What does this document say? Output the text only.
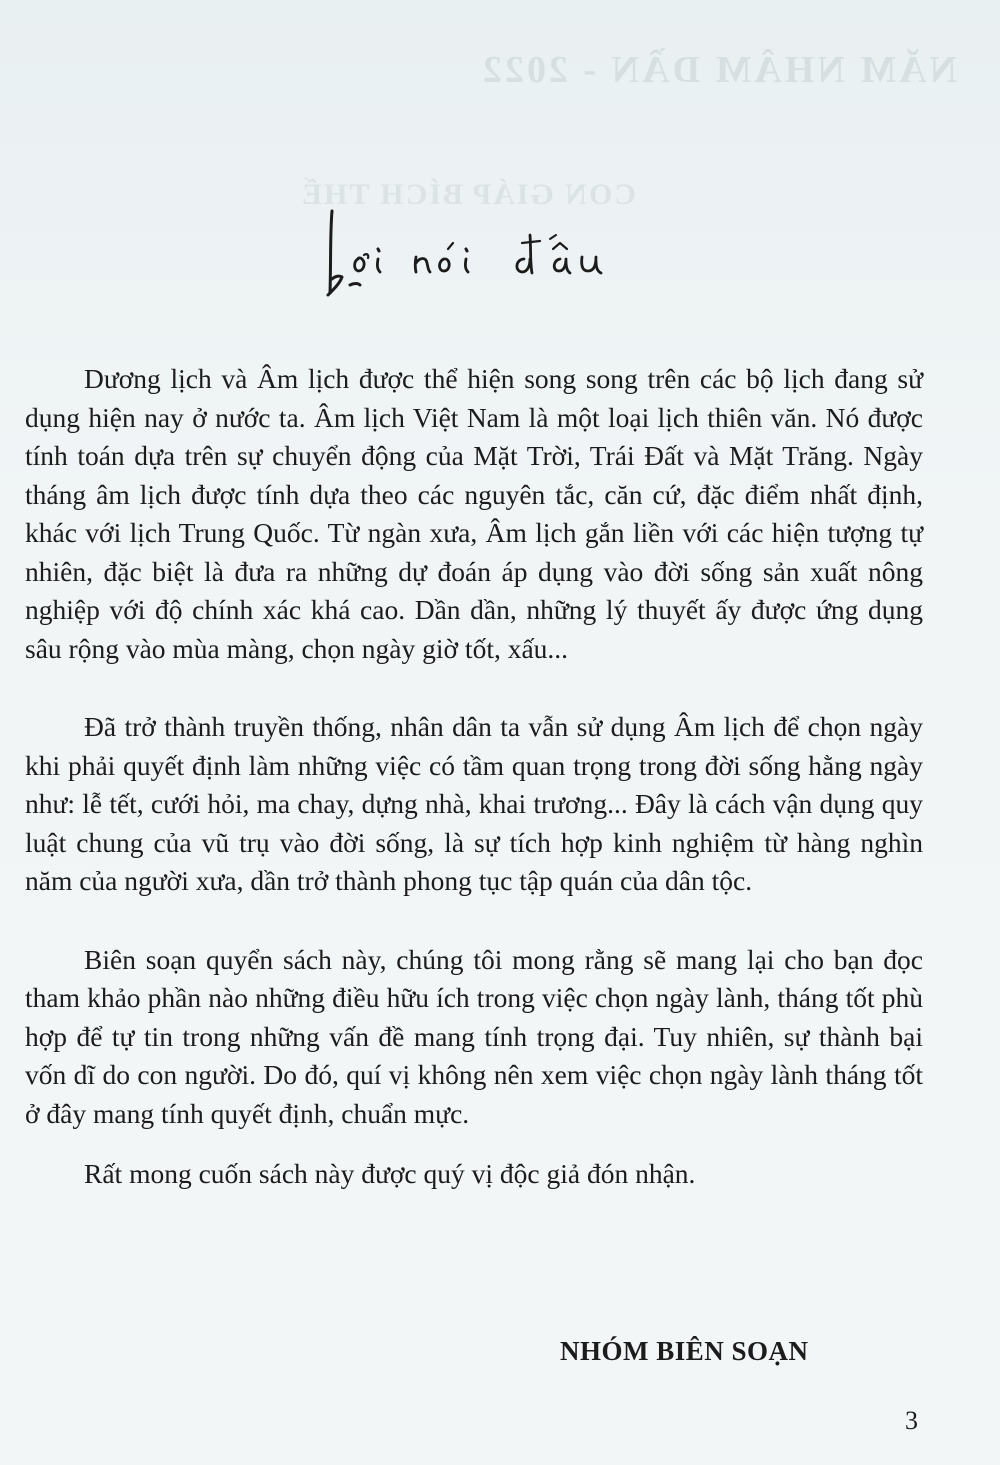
NĂM NHÂM DẦN - 2022
CON GIÁP BÍCH THẾ

Dương lịch và Âm lịch được thể hiện song song trên các bộ lịch đang sử dụng hiện nay ở nước ta. Âm lịch Việt Nam là một loại lịch thiên văn. Nó được tính toán dựa trên sự chuyển động của Mặt Trời, Trái Đất và Mặt Trăng. Ngày tháng âm lịch được tính dựa theo các nguyên tắc, căn cứ, đặc điểm nhất định, khác với lịch Trung Quốc. Từ ngàn xưa, Âm lịch gắn liền với các hiện tượng tự nhiên, đặc biệt là đưa ra những dự đoán áp dụng vào đời sống sản xuất nông nghiệp với độ chính xác khá cao. Dần dần, những lý thuyết ấy được ứng dụng sâu rộng vào mùa màng, chọn ngày giờ tốt, xấu...

Đã trở thành truyền thống, nhân dân ta vẫn sử dụng Âm lịch để chọn ngày khi phải quyết định làm những việc có tầm quan trọng trong đời sống hằng ngày như: lễ tết, cưới hỏi, ma chay, dựng nhà, khai trương... Đây là cách vận dụng quy luật chung của vũ trụ vào đời sống, là sự tích hợp kinh nghiệm từ hàng nghìn năm của người xưa, dần trở thành phong tục tập quán của dân tộc.

Biên soạn quyển sách này, chúng tôi mong rằng sẽ mang lại cho bạn đọc tham khảo phần nào những điều hữu ích trong việc chọn ngày lành, tháng tốt phù hợp để tự tin trong những vấn đề mang tính trọng đại. Tuy nhiên, sự thành bại vốn dĩ do con người. Do đó, quí vị không nên xem việc chọn ngày lành tháng tốt ở đây mang tính quyết định, chuẩn mực.

Rất mong cuốn sách này được quý vị độc giả đón nhận.

NHÓM BIÊN SOẠN
3
